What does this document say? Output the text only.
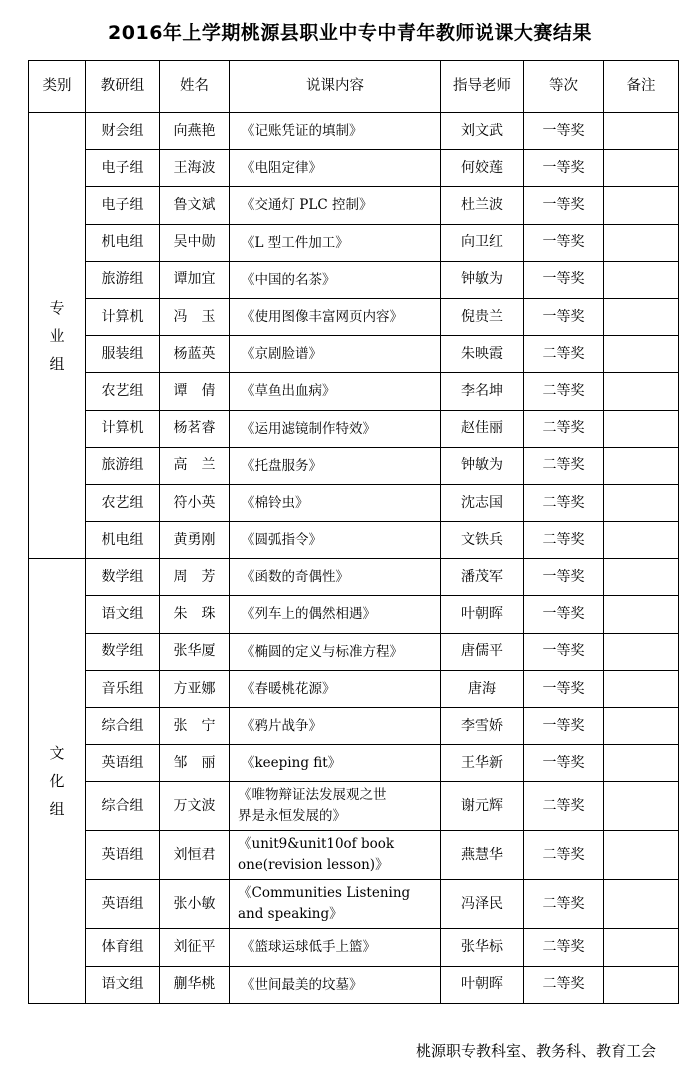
2016年上学期桃源县职业中专中青年教师说课大赛结果
类别	教研组	姓名	说课内容	指导老师	等次	备注

专
业
组	财会组	向燕艳	《记账凭证的填制》	刘文武	一等奖	
	电子组	王海波	《电阻定律》	何姣莲	一等奖	
	电子组	鲁文斌	《交通灯 PLC 控制》	杜兰波	一等奖	
	机电组	吴中勋	《L 型工件加工》	向卫红	一等奖	
	旅游组	谭加宜	《中国的名茶》	钟敏为	一等奖	
	计算机	冯　玉	《使用图像丰富网页内容》	倪贵兰	一等奖	
	服装组	杨蓝英	《京剧脸谱》	朱映霞	二等奖	
	农艺组	谭　倩	《草鱼出血病》	李名坤	二等奖	
	计算机	杨茗睿	《运用滤镜制作特效》	赵佳丽	二等奖	
	旅游组	高　兰	《托盘服务》	钟敏为	二等奖	
	农艺组	符小英	《棉铃虫》	沈志国	二等奖	
	机电组	黄勇刚	《圆弧指令》	文铁兵	二等奖	

文
化
组	数学组	周　芳	《函数的奇偶性》	潘茂军	一等奖	
	语文组	朱　珠	《列车上的偶然相遇》	叶朝晖	一等奖	
	数学组	张华厦	《椭圆的定义与标准方程》	唐儒平	一等奖	
	音乐组	方亚娜	《春暖桃花源》	唐海	一等奖	
	综合组	张　宁	《鸦片战争》	李雪娇	一等奖	
	英语组	邹　丽	《keeping fit》	王华新	一等奖	
	综合组	万文波	《唯物辩证法发展观之世
界是永恒发展的》	谢元辉	二等奖	
	英语组	刘恒君	《unit9&unit10of book
one(revision lesson)》	燕慧华	二等奖	
	英语组	张小敏	《Communities Listening
and speaking》	冯泽民	二等奖	
	体育组	刘征平	《篮球运球低手上篮》	张华标	二等奖	
	语文组	蒯华桃	《世间最美的坟墓》	叶朝晖	二等奖	
桃源职专教科室、教务科、教育工会
